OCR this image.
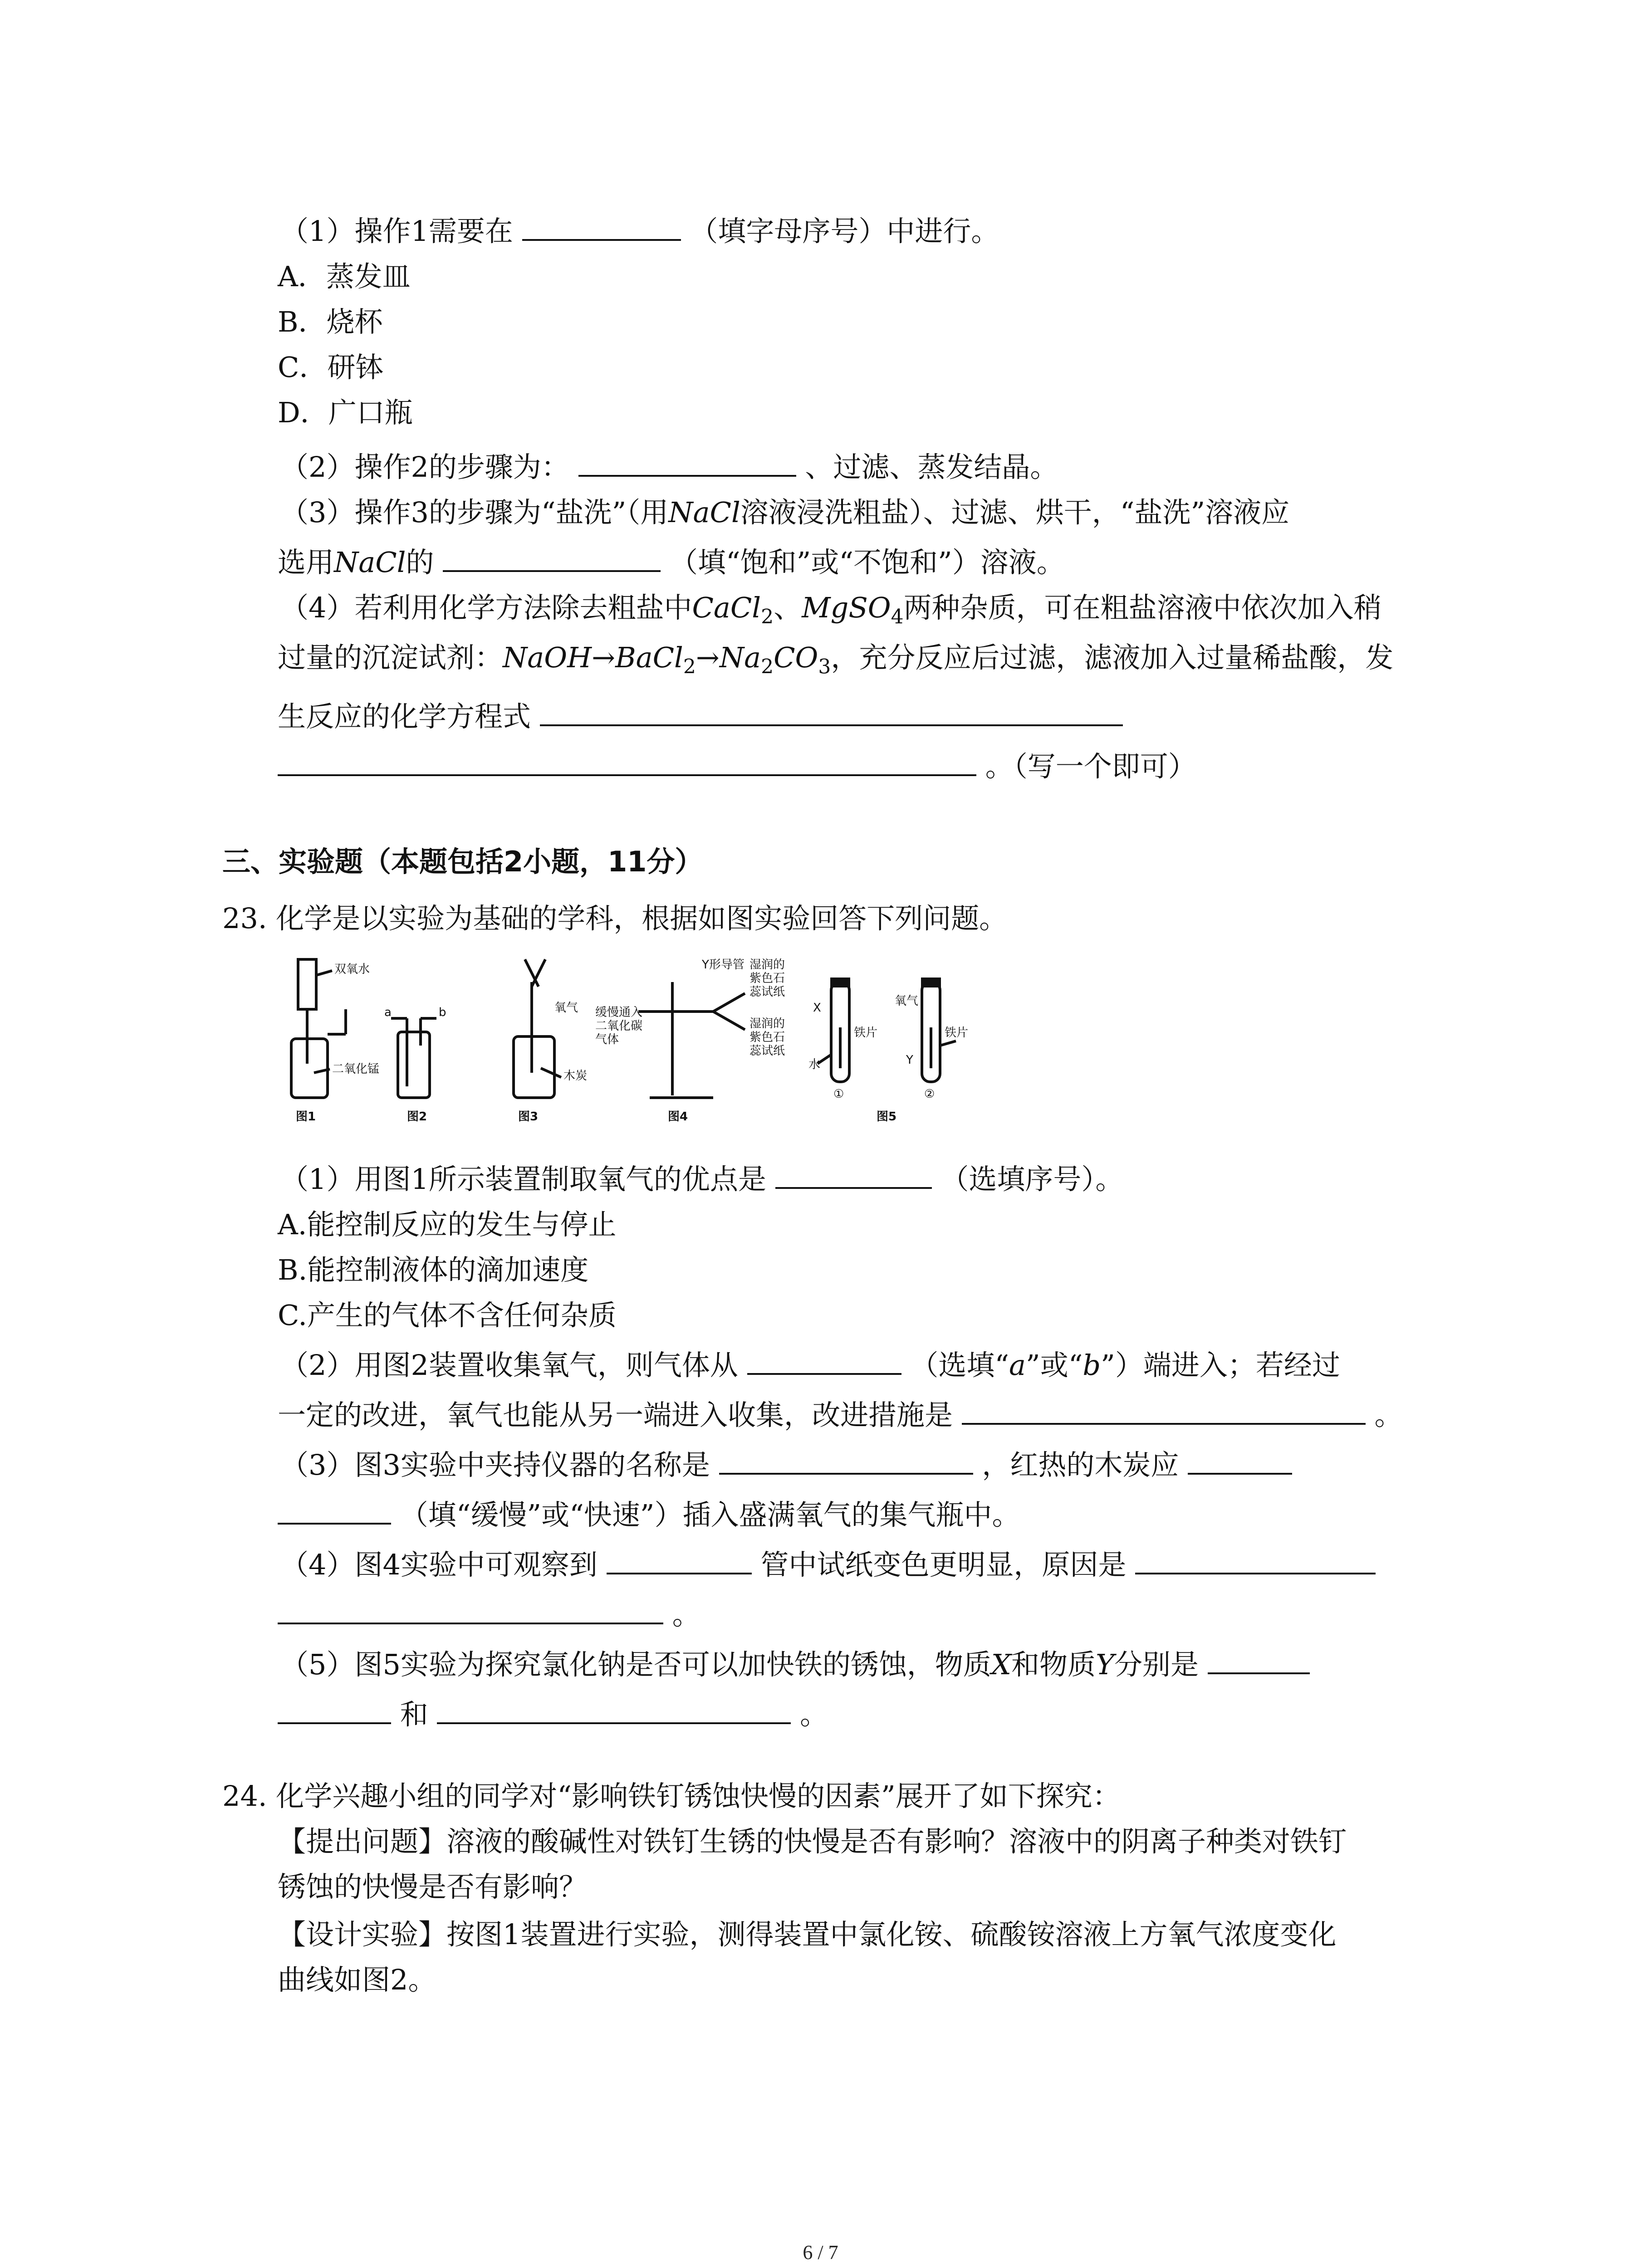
（1）操作1需要在	（填字母序号）中进行。
A．蒸发皿
B．烧杯
C．研钵
D．广口瓶
（2）操作2的步骤为：	、过滤、蒸发结晶。
（3）操作3的步骤为“盐洗”（用NaCl溶液浸洗粗盐）、过滤、烘干，“盐洗”溶液应
选用NaCl的	（填“饱和”或“不饱和”）溶液。
（4）若利用化学方法除去粗盐中CaCl$_2$、MgSO$_4$两种杂质，可在粗盐溶液中依次加入稍
过量的沉淀试剂：$NaOH\to BaCl_2\to Na_2CO_3$，充分反应后过滤，滤液加入过量稀盐酸，发
生反应的化学方程式
。（写一个即可）
三、实验题（本题包括2小题，11分）
23. 化学是以实验为基础的学科，根据如图实验回答下列问题。
双氧水
二氧化锰
a	b	氧气
木炭
Y形导管 湿润的
紫色石
蕊试纸
湿润的
紫色石
蕊试纸
缓慢通入
二氧化碳
气体
X
Y
氧气
铁片	铁片
水
①	②
图1	图2	图3	图4	图5
（1）用图1所示装置制取氧气的优点是	（选填序号）。
A.能控制反应的发生与停止
B.能控制液体的滴加速度
C.产生的气体不含任何杂质
（2）用图2装置收集氧气，则气体从	（选填“a”或“b”）端进入；若经过
一定的改进，氧气也能从另一端进入收集，改进措施是	。
（3）图3实验中夹持仪器的名称是	，红热的木炭应
（填“缓慢”或“快速”）插入盛满氧气的集气瓶中。
（4）图4实验中可观察到	管中试纸变色更明显，原因是
。
（5）图5实验为探究氯化钠是否可以加快铁的锈蚀，物质X和物质Y分别是
和	。
24. 化学兴趣小组的同学对“影响铁钉锈蚀快慢的因素”展开了如下探究：
【提出问题】溶液的酸碱性对铁钉生锈的快慢是否有影响？溶液中的阴离子种类对铁钉
锈蚀的快慢是否有影响？
【设计实验】按图1装置进行实验，测得装置中氯化铵、硫酸铵溶液上方氧气浓度变化
曲线如图2。
6 / 7
